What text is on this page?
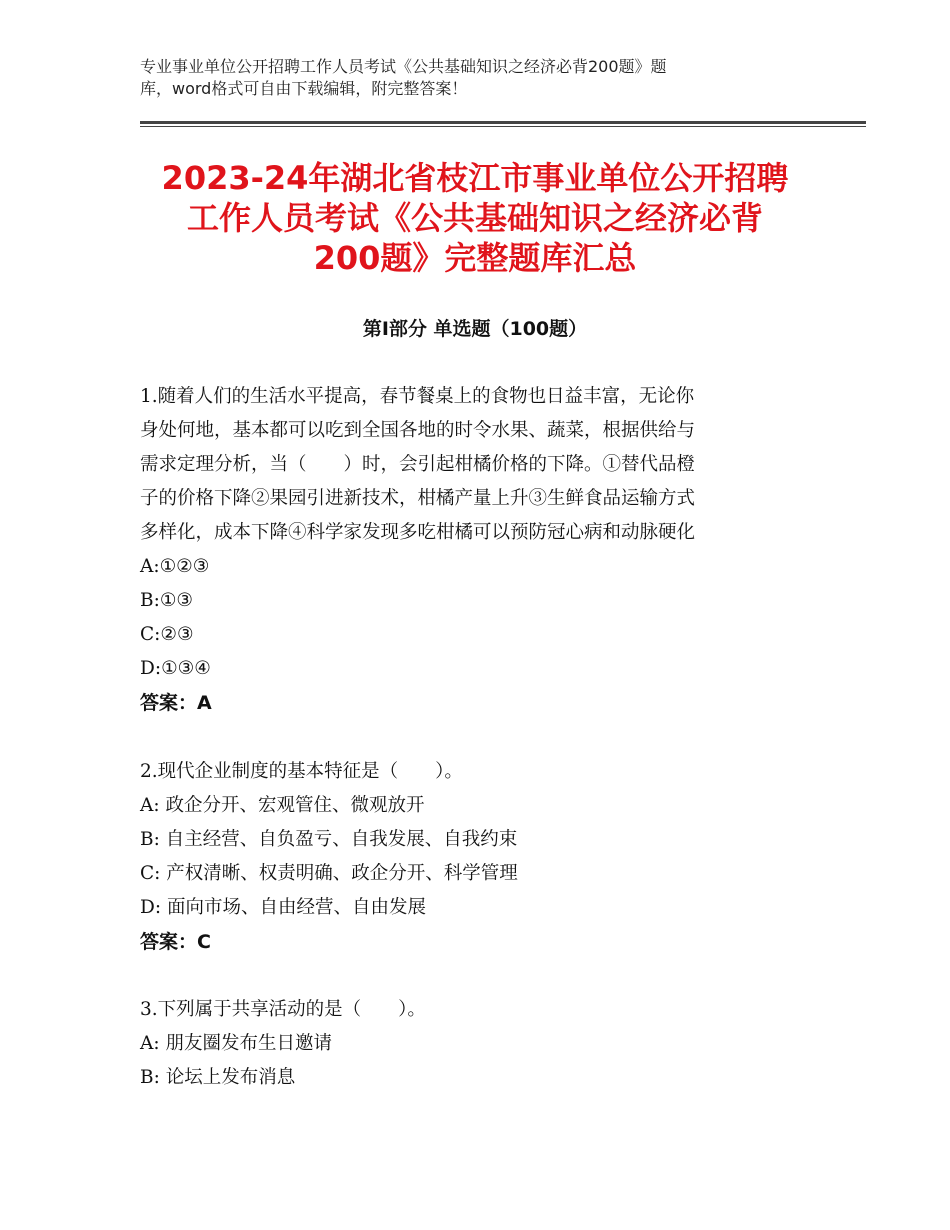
专业事业单位公开招聘工作人员考试《公共基础知识之经济必背200题》题
库，word格式可自由下载编辑，附完整答案！
2023-24年湖北省枝江市事业单位公开招聘
工作人员考试《公共基础知识之经济必背
200题》完整题库汇总
第Ⅰ部分 单选题（100题）
1.随着人们的生活水平提高，春节餐桌上的食物也日益丰富，无论你
身处何地，基本都可以吃到全国各地的时令水果、蔬菜，根据供给与
需求定理分析，当（　　）时，会引起柑橘价格的下降。①替代品橙
子的价格下降②果园引进新技术，柑橘产量上升③生鲜食品运输方式
多样化，成本下降④科学家发现多吃柑橘可以预防冠心病和动脉硬化
A:①②③
B:①③
C:②③
D:①③④
答案：A
2.现代企业制度的基本特征是（　　）。
A: 政企分开、宏观管住、微观放开
B: 自主经营、自负盈亏、自我发展、自我约束
C: 产权清晰、权责明确、政企分开、科学管理
D: 面向市场、自由经营、自由发展
答案：C
3.下列属于共享活动的是（　　）。
A: 朋友圈发布生日邀请
B: 论坛上发布消息
